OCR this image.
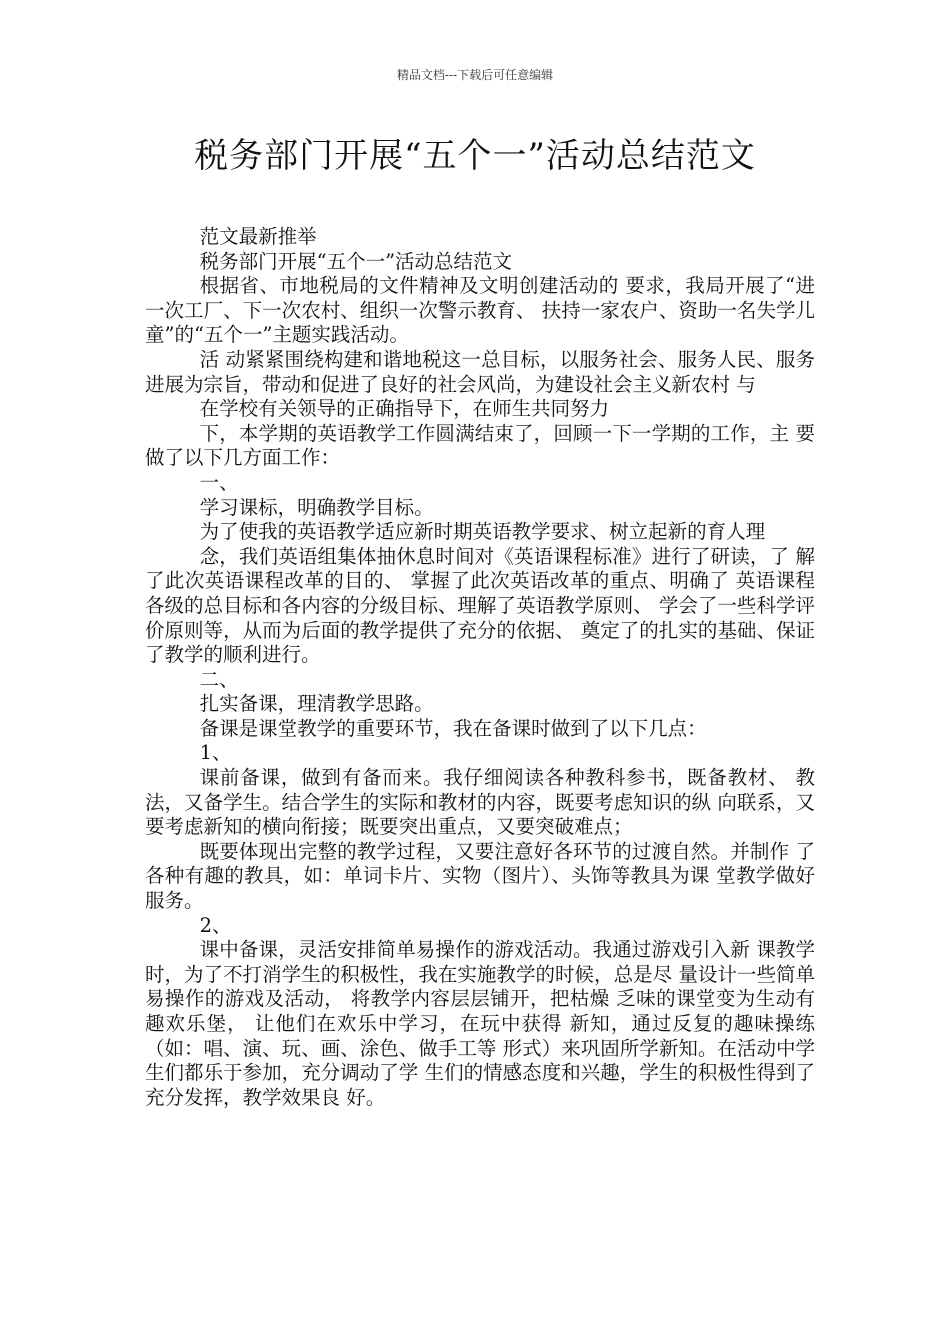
精品文档---下载后可任意编辑
税务部门开展“五个一”活动总结范文

范文最新推举

税务部门开展“五个一”活动总结范文

根据省、市地税局的文件精神及文明创建活动的 要求，我局开展了“进一次工厂、下一次农村、组织一次警示教育、 扶持一家农户、资助一名失学儿童”的“五个一”主题实践活动。

活 动紧紧围绕构建和谐地税这一总目标，以服务社会、服务人民、服务 进展为宗旨，带动和促进了良好的社会风尚，为建设社会主义新农村 与

在学校有关领导的正确指导下，在师生共同努力

下，本学期的英语教学工作圆满结束了，回顾一下一学期的工作，主 要做了以下几方面工作：

一、

学习课标，明确教学目标。

为了使我的英语教学适应新时期英语教学要求、树立起新的育人理

念，我们英语组集体抽休息时间对《英语课程标准》进行了研读，了 解了此次英语课程改革的目的、 掌握了此次英语改革的重点、明确了 英语课程各级的总目标和各内容的分级目标、理解了英语教学原则、 学会了一些科学评价原则等，从而为后面的教学提供了充分的依据、 奠定了的扎实的基础、保证了教学的顺利进行。

二、

扎实备课，理清教学思路。

备课是课堂教学的重要环节，我在备课时做到了以下几点：

1、

课前备课，做到有备而来。我仔细阅读各种教科参书，既备教材、 教法，又备学生。结合学生的实际和教材的内容，既要考虑知识的纵 向联系，又要考虑新知的横向衔接；既要突出重点，又要突破难点；

既要体现出完整的教学过程，又要注意好各环节的过渡自然。并制作 了各种有趣的教具，如：单词卡片、实物（图片）、头饰等教具为课 堂教学做好服务。

2、

课中备课，灵活安排简单易操作的游戏活动。我通过游戏引入新 课教学时，为了不打消学生的积极性，我在实施教学的时候，总是尽 量设计一些简单易操作的游戏及活动， 将教学内容层层铺开，把枯燥 乏味的课堂变为生动有趣欢乐堡， 让他们在欢乐中学习，在玩中获得 新知，通过反复的趣味操练（如：唱、演、玩、画、涂色、做手工等 形式）来巩固所学新知。在活动中学生们都乐于参加，充分调动了学 生们的情感态度和兴趣，学生的积极性得到了充分发挥，教学效果良 好。
